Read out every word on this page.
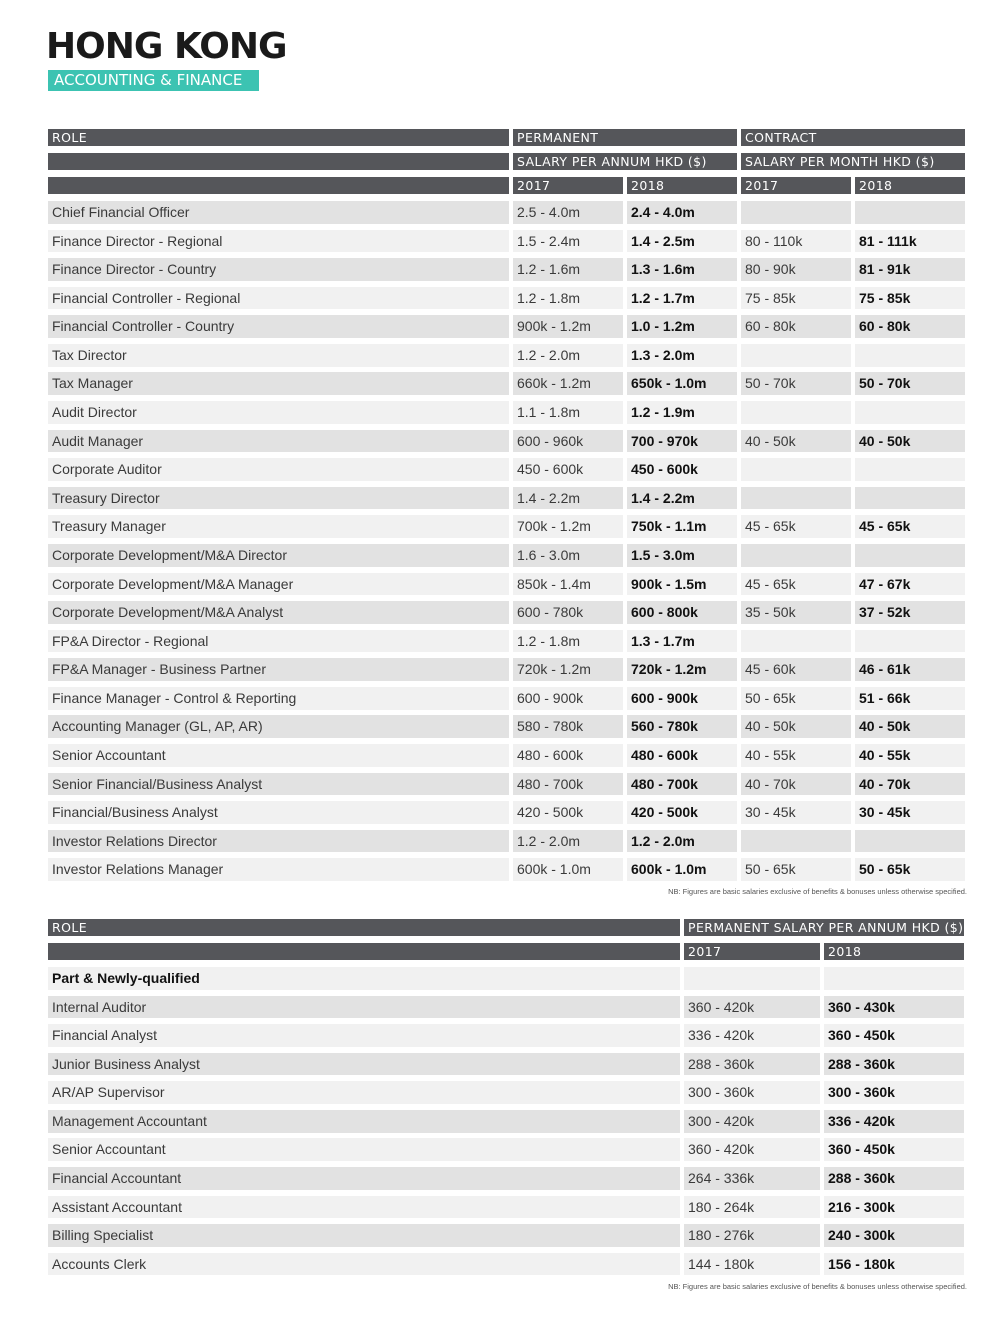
HONG KONG
ACCOUNTING & FINANCE
ROLE	PERMANENT	CONTRACT
SALARY PER ANNUM HKD ($)	SALARY PER MONTH HKD ($)
2017	2018	2017	2018
Chief Financial Officer	2.5 - 4.0m	2.4 - 4.0m
Finance Director - Regional	1.5 - 2.4m	1.4 - 2.5m	80 - 110k	81 - 111k
Finance Director - Country	1.2 - 1.6m	1.3 - 1.6m	80 - 90k	81 - 91k
Financial Controller - Regional	1.2 - 1.8m	1.2 - 1.7m	75 - 85k	75 - 85k
Financial Controller - Country	900k - 1.2m	1.0 - 1.2m	60 - 80k	60 - 80k
Tax Director	1.2 - 2.0m	1.3 - 2.0m
Tax Manager	660k - 1.2m	650k - 1.0m	50 - 70k	50 - 70k
Audit Director	1.1 - 1.8m	1.2 - 1.9m
Audit Manager	600 - 960k	700 - 970k	40 - 50k	40 - 50k
Corporate Auditor	450 - 600k	450 - 600k
Treasury Director	1.4 - 2.2m	1.4 - 2.2m
Treasury Manager	700k - 1.2m	750k - 1.1m	45 - 65k	45 - 65k
Corporate Development/M&A Director	1.6 - 3.0m	1.5 - 3.0m
Corporate Development/M&A Manager	850k - 1.4m	900k - 1.5m	45 - 65k	47 - 67k
Corporate Development/M&A Analyst	600 - 780k	600 - 800k	35 - 50k	37 - 52k
FP&A Director - Regional	1.2 - 1.8m	1.3 - 1.7m
FP&A Manager - Business Partner	720k - 1.2m	720k - 1.2m	45 - 60k	46 - 61k
Finance Manager - Control & Reporting	600 - 900k	600 - 900k	50 - 65k	51 - 66k
Accounting Manager (GL, AP, AR)	580 - 780k	560 - 780k	40 - 50k	40 - 50k
Senior Accountant	480 - 600k	480 - 600k	40 - 55k	40 - 55k
Senior Financial/Business Analyst	480 - 700k	480 - 700k	40 - 70k	40 - 70k
Financial/Business Analyst	420 - 500k	420 - 500k	30 - 45k	30 - 45k
Investor Relations Director	1.2 - 2.0m	1.2 - 2.0m
Investor Relations Manager	600k - 1.0m	600k - 1.0m	50 - 65k	50 - 65k
NB: Figures are basic salaries exclusive of benefits & bonuses unless otherwise specified.
ROLE	PERMANENT SALARY PER ANNUM HKD ($)
2017	2018
Part & Newly-qualified
Internal Auditor	360 - 420k	360 - 430k
Financial Analyst	336 - 420k	360 - 450k
Junior Business Analyst	288 - 360k	288 - 360k
AR/AP Supervisor	300 - 360k	300 - 360k
Management Accountant	300 - 420k	336 - 420k
Senior Accountant	360 - 420k	360 - 450k
Financial Accountant	264 - 336k	288 - 360k
Assistant Accountant	180 - 264k	216 - 300k
Billing Specialist	180 - 276k	240 - 300k
Accounts Clerk	144 - 180k	156 - 180k
NB: Figures are basic salaries exclusive of benefits & bonuses unless otherwise specified.
